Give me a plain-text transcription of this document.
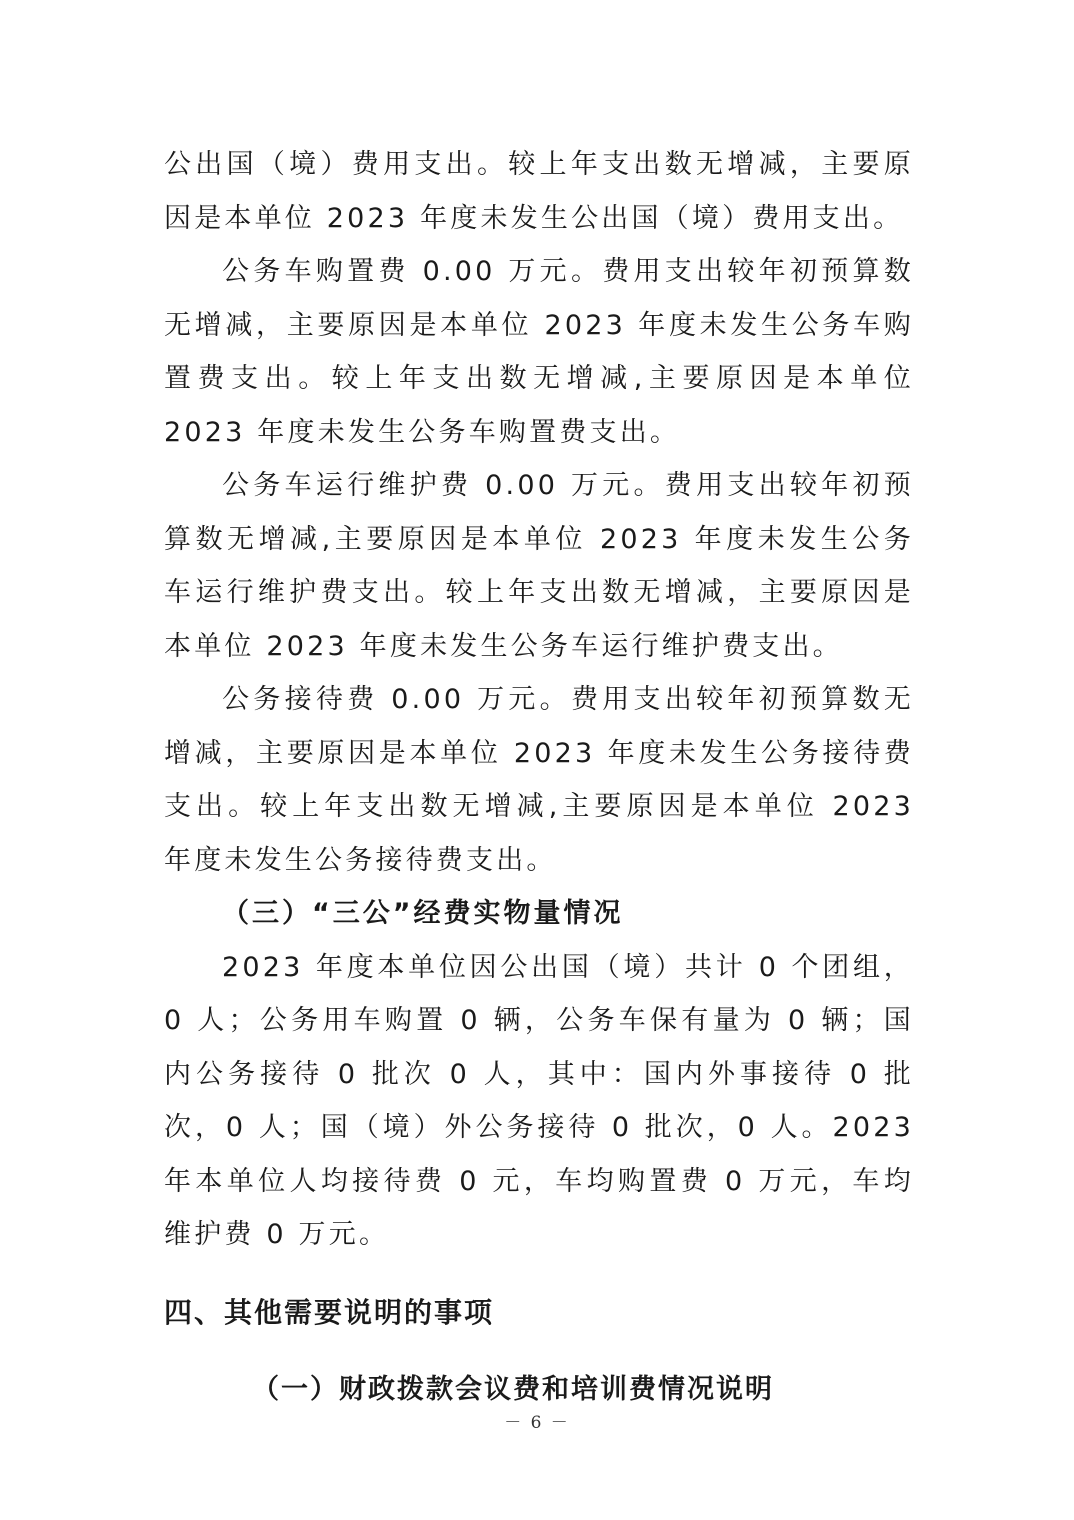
公出国（境）费用支出。较上年支出数无增减，主要原因是本单位 2023 年度未发生公出国（境）费用支出。

公务车购置费 0.00 万元。费用支出较年初预算数无增减，主要原因是本单位 2023 年度未发生公务车购置费支出。较上年支出数无增减,主要原因是本单位 2023 年度未发生公务车购置费支出。

公务车运行维护费 0.00 万元。费用支出较年初预算数无增减,主要原因是本单位 2023 年度未发生公务车运行维护费支出。较上年支出数无增减，主要原因是本单位 2023 年度未发生公务车运行维护费支出。

公务接待费 0.00 万元。费用支出较年初预算数无增减，主要原因是本单位 2023 年度未发生公务接待费支出。较上年支出数无增减,主要原因是本单位 2023 年度未发生公务接待费支出。

（三）“三公”经费实物量情况

2023 年度本单位因公出国（境）共计 0 个团组，0 人；公务用车购置 0 辆，公务车保有量为 0 辆；国内公务接待 0 批次 0 人，其中：国内外事接待 0 批次，0 人；国（境）外公务接待 0 批次，0 人。2023 年本单位人均接待费 0 元，车均购置费 0 万元，车均维护费 0 万元。

四、其他需要说明的事项

（一）财政拨款会议费和培训费情况说明

－ 6 －
